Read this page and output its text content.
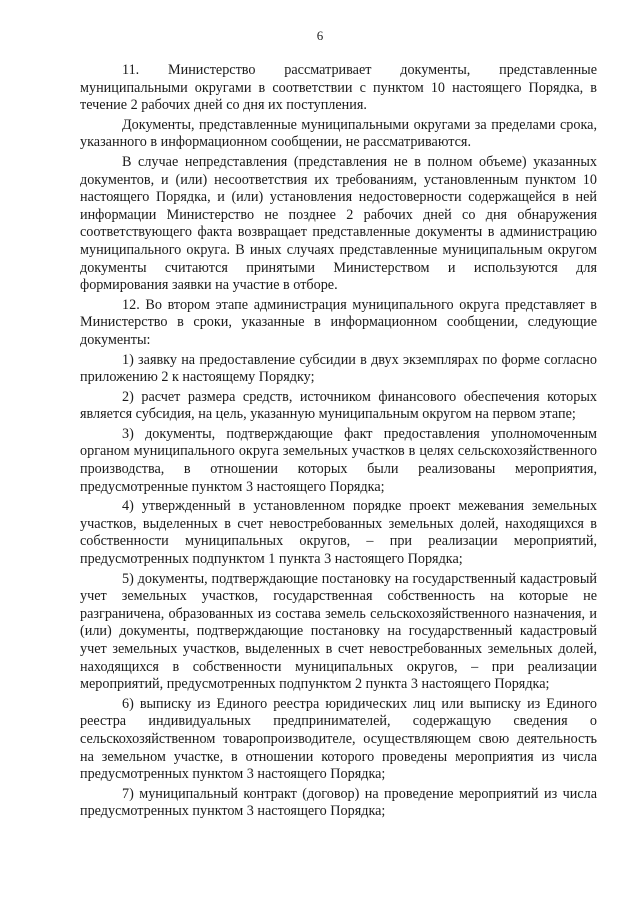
6

11. Министерство рассматривает документы, представленные муниципальными округами в соответствии с пунктом 10 настоящего Порядка, в течение 2 рабочих дней со дня их поступления.

Документы, представленные муниципальными округами за пределами срока, указанного в информационном сообщении, не рассматриваются.

В случае непредставления (представления не в полном объеме) указанных документов, и (или) несоответствия их требованиям, установленным пунктом 10 настоящего Порядка, и (или) установления недостоверности содержащейся в ней информации Министерство не позднее 2 рабочих дней со дня обнаружения соответствующего факта возвращает представленные документы в администрацию муниципального округа. В иных случаях представленные муниципальным округом документы считаются принятыми Министерством и используются для формирования заявки на участие в отборе.

12. Во втором этапе администрация муниципального округа представляет в Министерство в сроки, указанные в информационном сообщении, следующие документы:

1) заявку на предоставление субсидии в двух экземплярах по форме согласно приложению 2 к настоящему Порядку;

2) расчет размера средств, источником финансового обеспечения которых является субсидия, на цель, указанную муниципальным округом на первом этапе;

3) документы, подтверждающие факт предоставления уполномоченным органом муниципального округа земельных участков в целях сельскохозяйственного производства, в отношении которых были реализованы мероприятия, предусмотренные пунктом 3 настоящего Порядка;

4) утвержденный в установленном порядке проект межевания земельных участков, выделенных в счет невостребованных земельных долей, находящихся в собственности муниципальных округов, – при реализации мероприятий, предусмотренных подпунктом 1 пункта 3 настоящего Порядка;

5) документы, подтверждающие постановку на государственный кадастровый учет земельных участков, государственная собственность на которые не разграничена, образованных из состава земель сельскохозяйственного назначения, и (или) документы, подтверждающие постановку на государственный кадастровый учет земельных участков, выделенных в счет невостребованных земельных долей, находящихся в собственности муниципальных округов, – при реализации мероприятий, предусмотренных подпунктом 2 пункта 3 настоящего Порядка;

6) выписку из Единого реестра юридических лиц или выписку из Единого реестра индивидуальных предпринимателей, содержащую сведения о сельскохозяйственном товаропроизводителе, осуществляющем свою деятельность на земельном участке, в отношении которого проведены мероприятия из числа предусмотренных пунктом 3 настоящего Порядка;

7) муниципальный контракт (договор) на проведение мероприятий из числа предусмотренных пунктом 3 настоящего Порядка;
